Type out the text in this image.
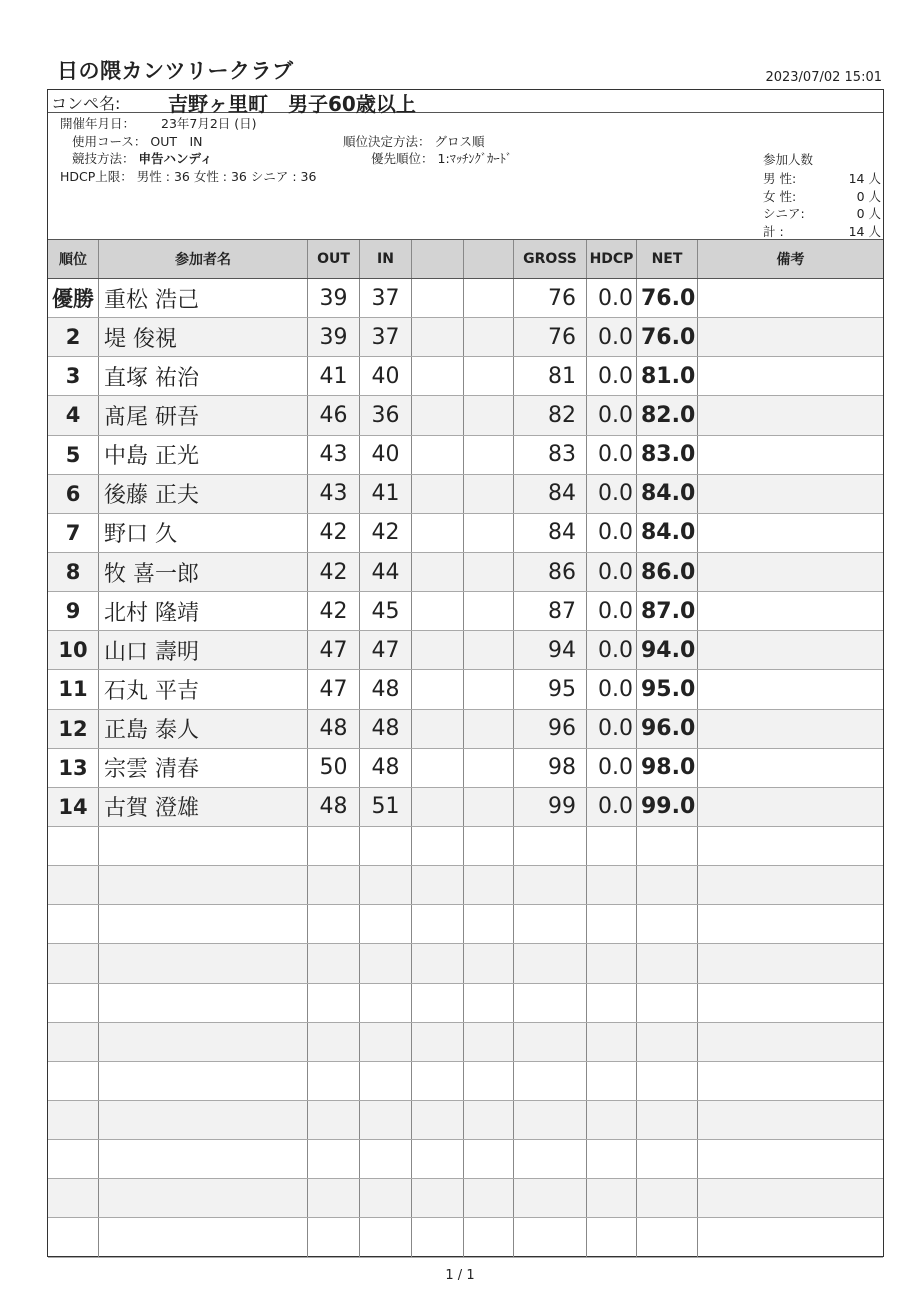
日の隈カンツリークラブ	2023/07/02 15:01
コンペ名: 吉野ヶ里町　男子60歳以上
開催年月日： 23年7月2日 (日)
使用コース： OUT　IN
競技方法： 申告ハンディ
HDCP上限： 男性 : 36 女性 : 36 シニア : 36
順位決定方法： グロス順
優先順位： 1:ﾏｯﾁﾝｸﾞｶｰﾄﾞ	参加人数
男 性:	14 人
女 性:	0 人
シニア:	0 人
計 :	14 人
順位	参加者名	OUT	IN	GROSS HDCP	NET	備考
優勝 重松 浩己	39	37	76	0.0 76.0
2	堤 俊視	39	37	76	0.0 76.0
3	直塚 祐治	41	40	81	0.0 81.0
4	髙尾 研吾	46	36	82	0.0 82.0
5	中島 正光	43	40	83	0.0 83.0
6	後藤 正夫	43	41	84	0.0 84.0
7	野口 久	42	42	84	0.0 84.0
8	牧 喜一郎	42	44	86	0.0 86.0
9	北村 隆靖	42	45	87	0.0 87.0
10 山口 壽明	47	47	94	0.0 94.0
11 石丸 平吉	47	48	95	0.0 95.0
12 正島 泰人	48	48	96	0.0 96.0
13 宗雲 清春	50	48	98	0.0 98.0
14 古賀 澄雄	48	51	99	0.0 99.0
1 / 1
